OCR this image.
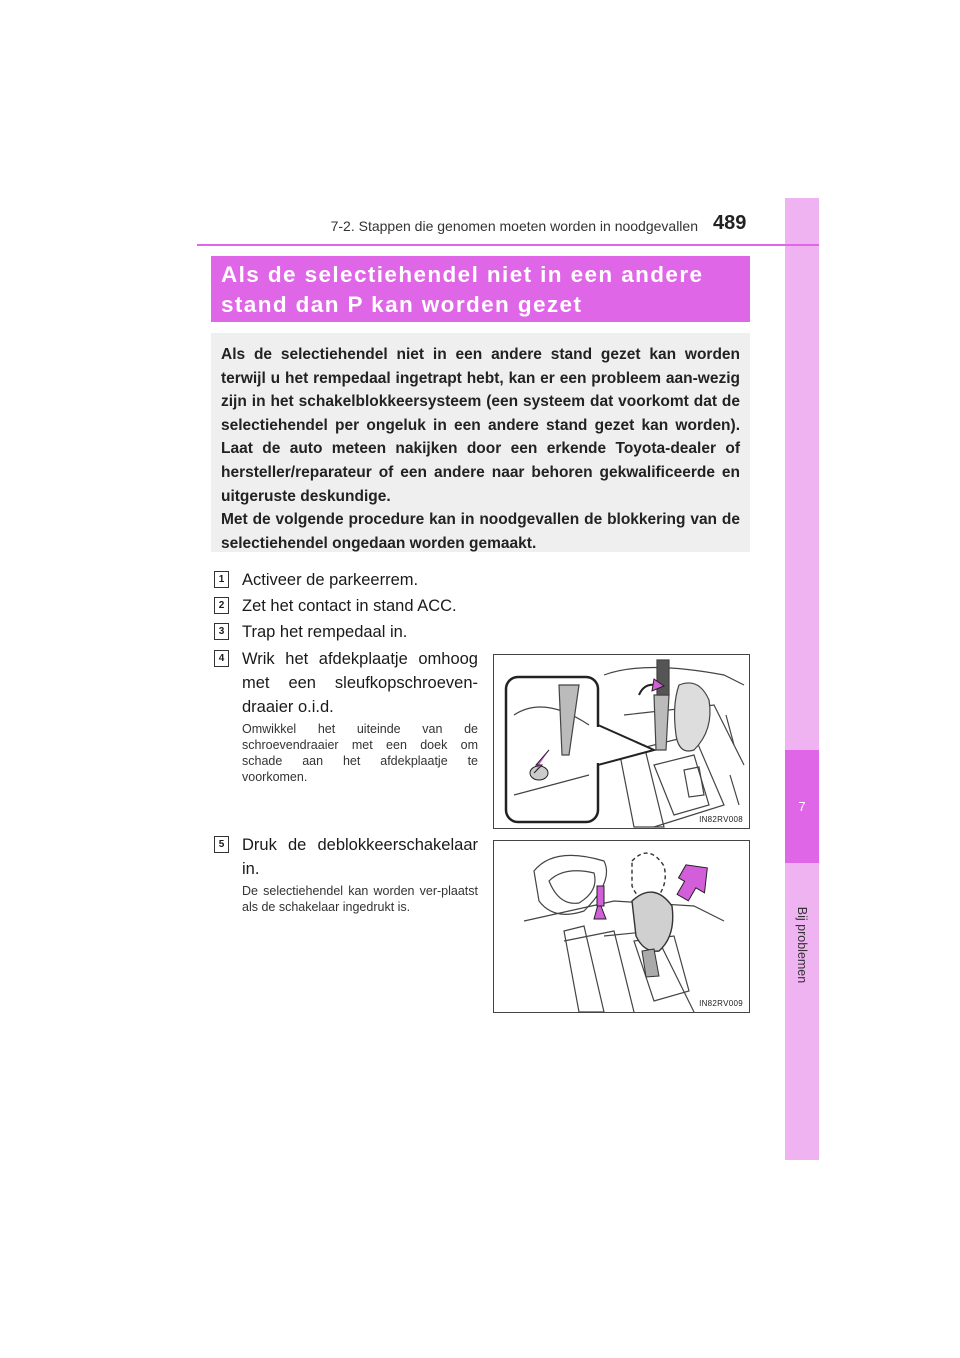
7
Bij problemen
7-2. Stappen die genomen moeten worden in noodgevallen 489
Als de selectiehendel niet in een andere
stand dan P kan worden gezet

Als de selectiehendel niet in een andere stand gezet kan worden terwijl u het rempedaal ingetrapt hebt, kan er een probleem aan-wezig zijn in het schakelblokkeersysteem (een systeem dat voorkomt dat de selectiehendel per ongeluk in een andere stand gezet kan worden). Laat de auto meteen nakijken door een erkende Toyota-dealer of hersteller/reparateur of een andere naar behoren gekwalificeerde en uitgeruste deskundige.

Met de volgende procedure kan in noodgevallen de blokkering van de selectiehendel ongedaan worden gemaakt.

1 Activeer de parkeerrem.
2 Zet het contact in stand ACC.
3 Trap het rempedaal in.
4 Wrik het afdekplaatje omhoog
met een sleufkopschroeven-
draaier o.i.d.
Omwikkel het uiteinde van de schroevendraaier met een doek om schade aan het afdekplaatje te voorkomen.
5 Druk de deblokkeerschakelaar
in.
De selectiehendel kan worden ver-plaatst als de schakelaar ingedrukt is.
IN82RV008
IN82RV009
